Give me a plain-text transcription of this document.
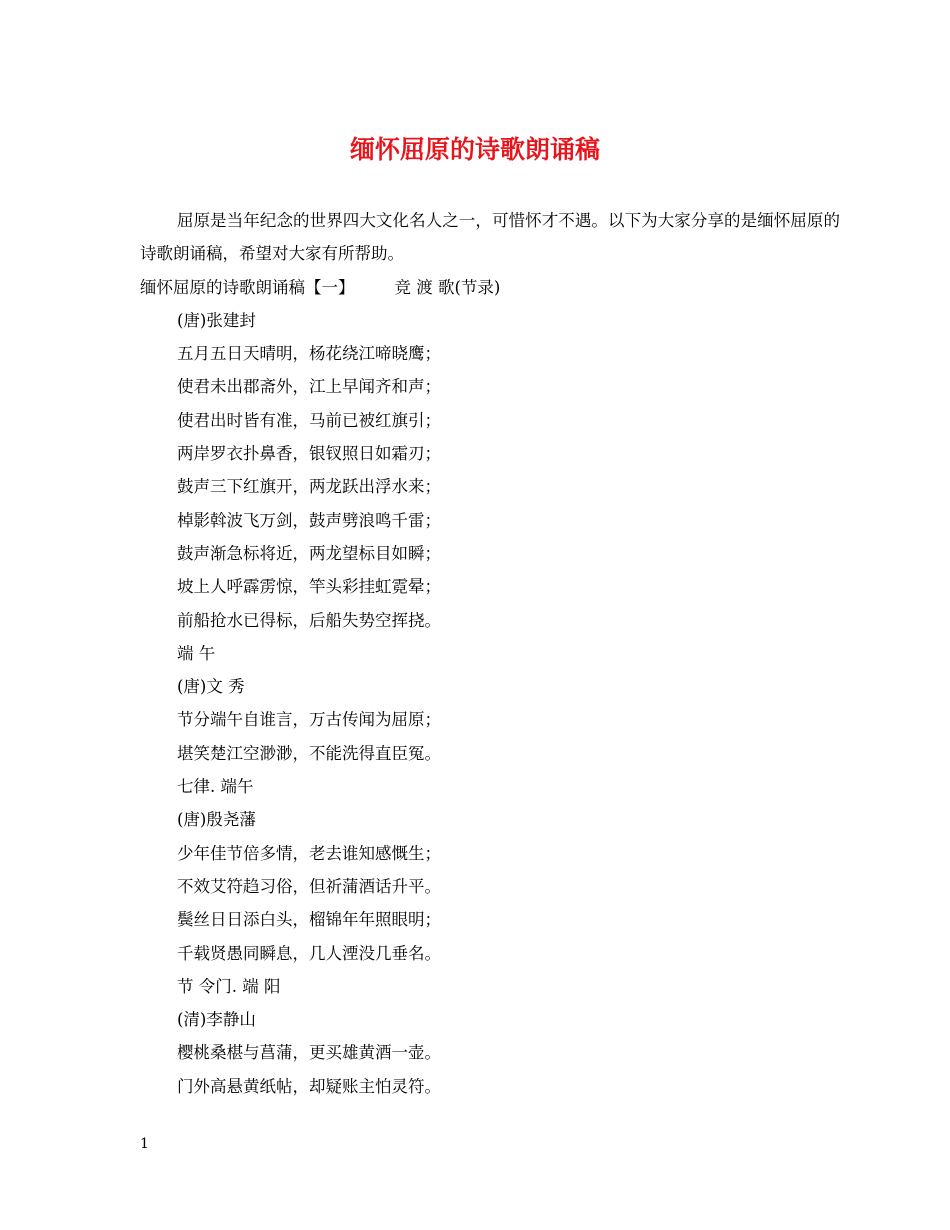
缅怀屈原的诗歌朗诵稿

屈原是当年纪念的世界四大文化名人之一，可惜怀才不遇。以下为大家分享的是缅怀屈原的诗歌朗诵稿，希望对大家有所帮助。

缅怀屈原的诗歌朗诵稿【一】 竞 渡 歌(节录)

(唐)张建封

五月五日天晴明，杨花绕江啼晓鹰；

使君未出郡斋外，江上早闻齐和声；

使君出时皆有准，马前已被红旗引；

两岸罗衣扑鼻香，银钗照日如霜刃；

鼓声三下红旗开，两龙跃出浮水来；

棹影斡波飞万剑，鼓声劈浪鸣千雷；

鼓声渐急标将近，两龙望标目如瞬；

坡上人呼霹雳惊，竿头彩挂虹霓晕；

前船抢水已得标，后船失势空挥挠。

端 午

(唐)文 秀

节分端午自谁言，万古传闻为屈原；

堪笑楚江空渺渺，不能洗得直臣冤。

七律. 端午

(唐)殷尧藩

少年佳节倍多情，老去谁知感慨生；

不效艾符趋习俗，但祈蒲酒话升平。

鬓丝日日添白头，榴锦年年照眼明；

千载贤愚同瞬息，几人湮没几垂名。

节 令门. 端 阳

(清)李静山

樱桃桑椹与菖蒲，更买雄黄酒一壶。

门外高悬黄纸帖，却疑账主怕灵符。

1
